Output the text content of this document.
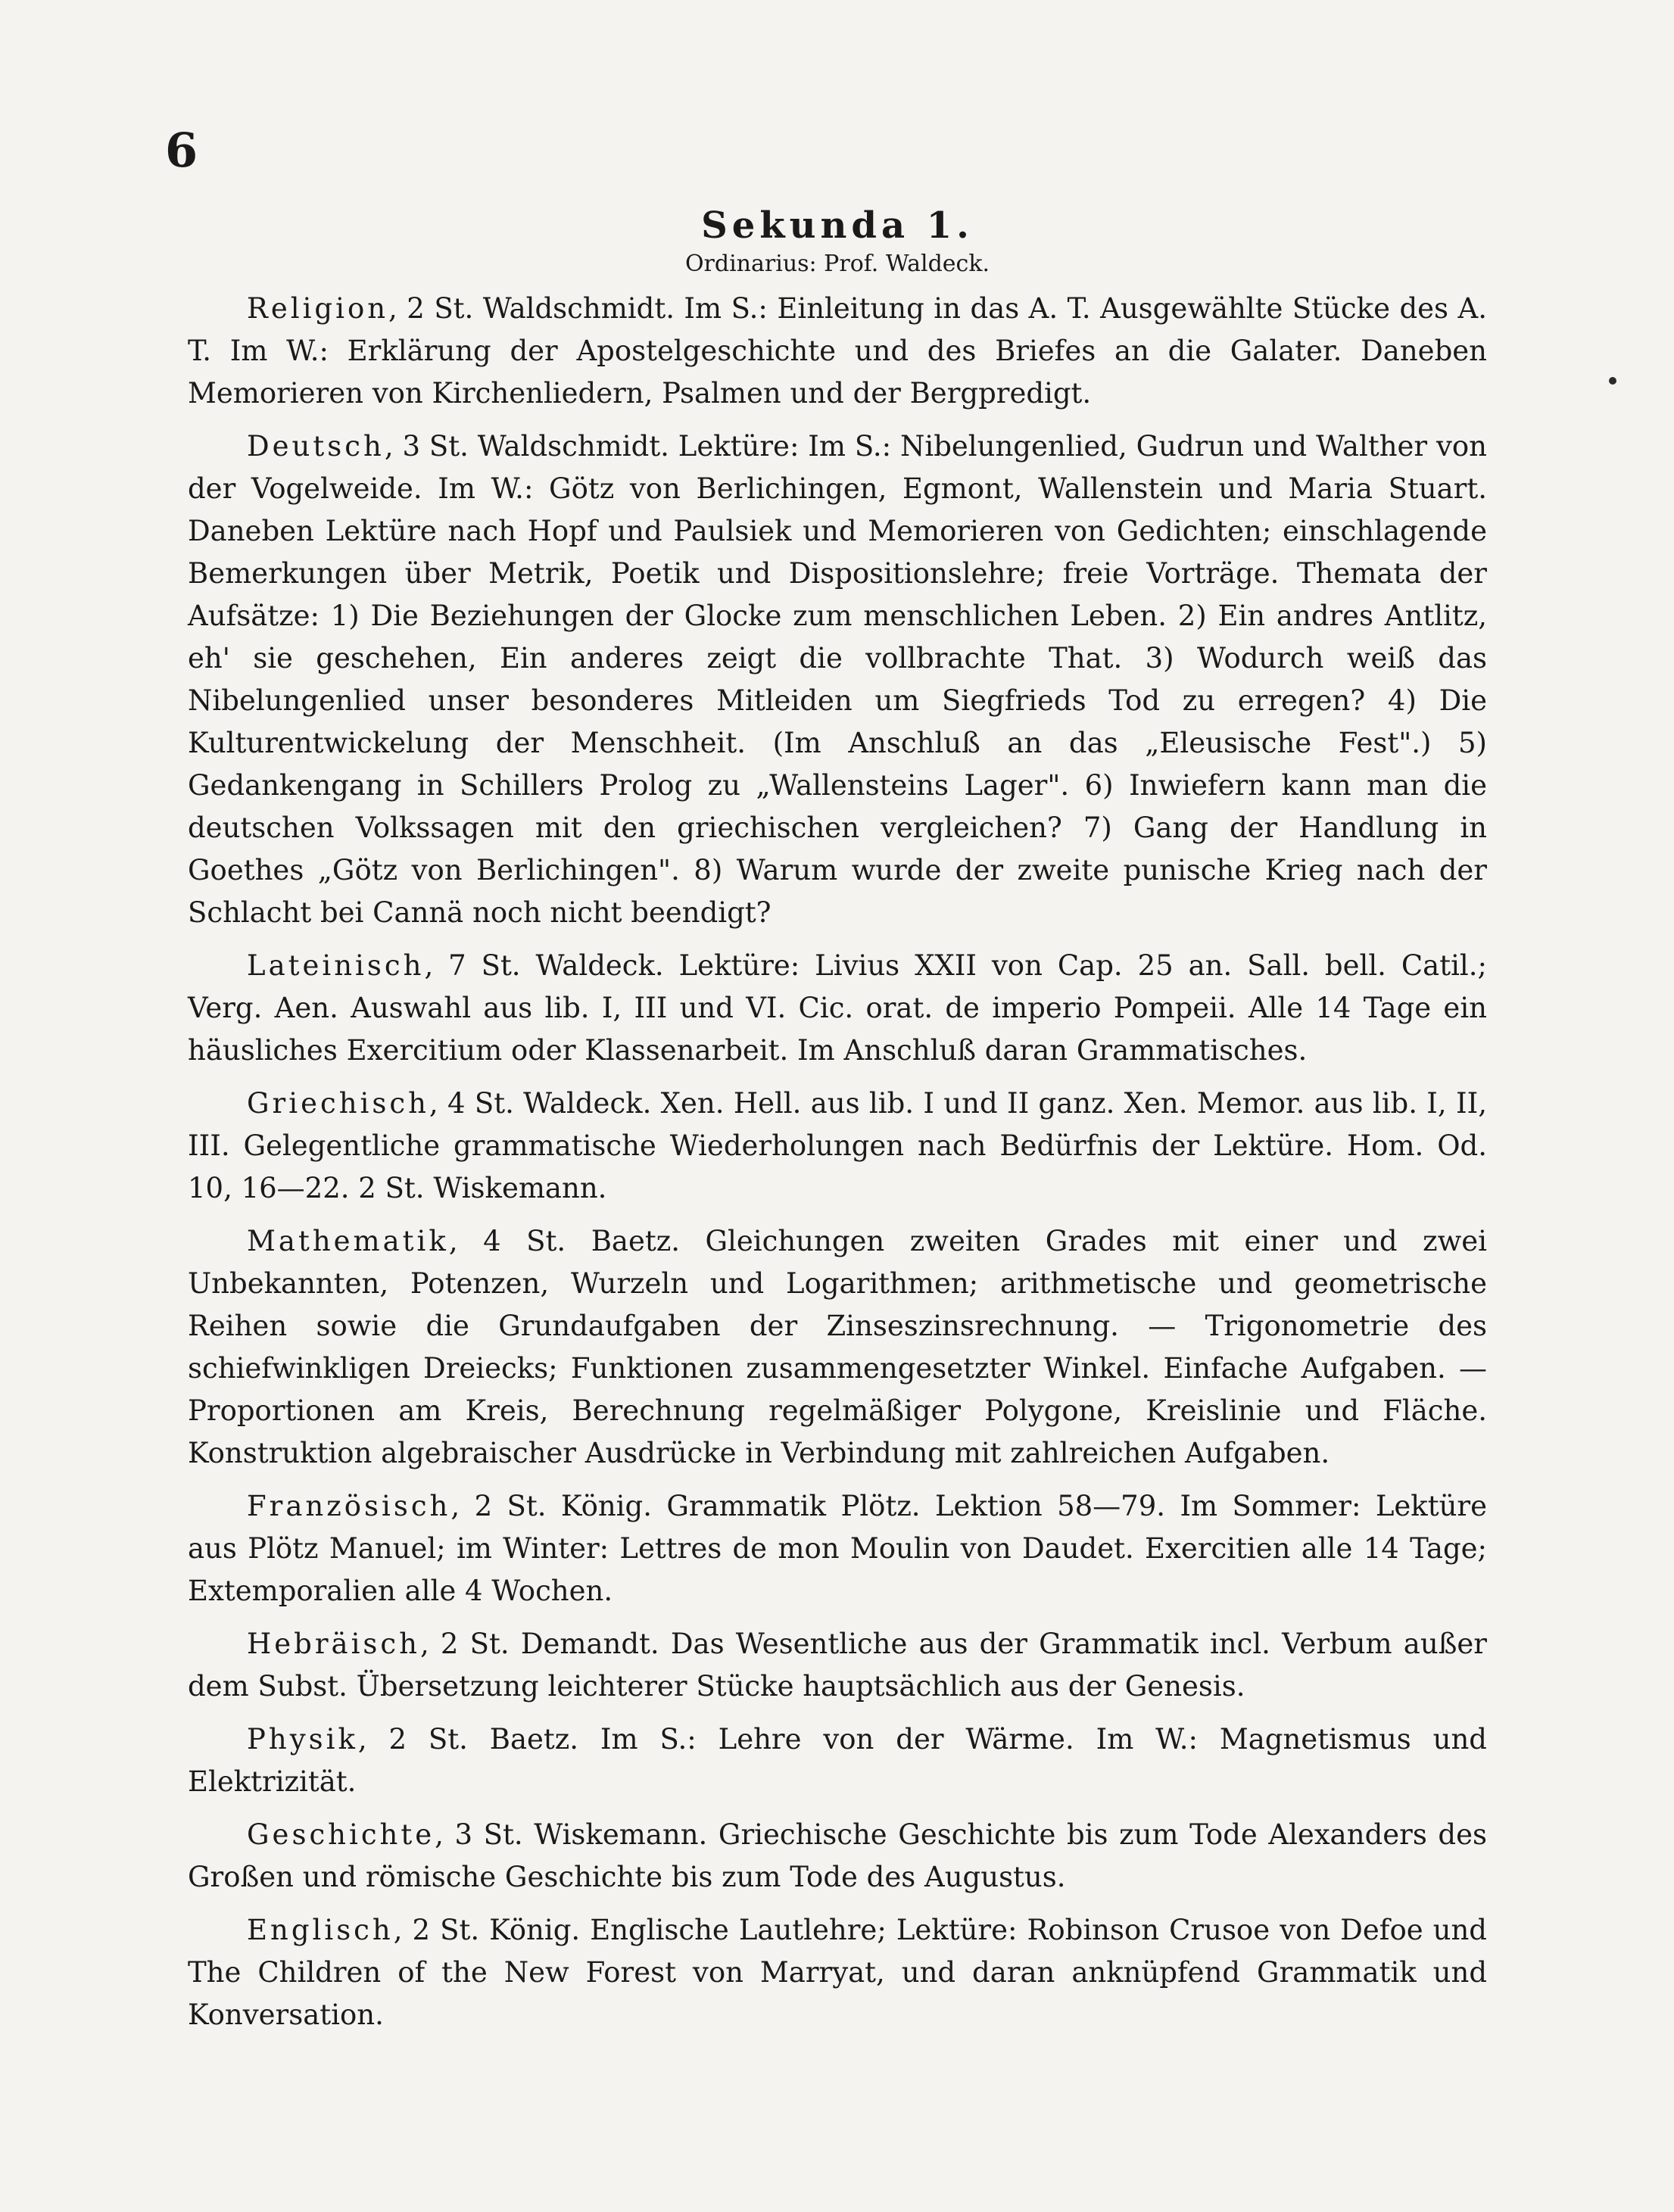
6
Sekunda 1.
Ordinarius: Prof. Waldeck.

Religion, 2 St. Waldschmidt. Im S.: Einleitung in das A. T. Ausgewählte Stücke des A. T. Im W.: Erklärung der Apostelgeschichte und des Briefes an die Galater. Daneben Memorieren von Kirchenliedern, Psalmen und der Bergpredigt.

Deutsch, 3 St. Waldschmidt. Lektüre: Im S.: Nibelungenlied, Gudrun und Walther von der Vogelweide. Im W.: Götz von Berlichingen, Egmont, Wallenstein und Maria Stuart. Daneben Lektüre nach Hopf und Paulsiek und Memorieren von Gedichten; einschlagende Bemerkungen über Metrik, Poetik und Dispositionslehre; freie Vorträge. Themata der Aufsätze: 1) Die Beziehungen der Glocke zum menschlichen Leben. 2) Ein andres Antlitz, eh' sie geschehen, Ein anderes zeigt die vollbrachte That. 3) Wodurch weiß das Nibelungenlied unser besonderes Mitleiden um Siegfrieds Tod zu erregen? 4) Die Kulturentwickelung der Menschheit. (Im Anschluß an das „Eleusische Fest".) 5) Gedankengang in Schillers Prolog zu „Wallensteins Lager". 6) Inwiefern kann man die deutschen Volkssagen mit den griechischen vergleichen? 7) Gang der Handlung in Goethes „Götz von Berlichingen". 8) Warum wurde der zweite punische Krieg nach der Schlacht bei Cannä noch nicht beendigt?

Lateinisch, 7 St. Waldeck. Lektüre: Livius XXII von Cap. 25 an. Sall. bell. Catil.; Verg. Aen. Auswahl aus lib. I, III und VI. Cic. orat. de imperio Pompeii. Alle 14 Tage ein häusliches Exercitium oder Klassenarbeit. Im Anschluß daran Grammatisches.

Griechisch, 4 St. Waldeck. Xen. Hell. aus lib. I und II ganz. Xen. Memor. aus lib. I, II, III. Gelegentliche grammatische Wiederholungen nach Bedürfnis der Lektüre. Hom. Od. 10, 16—22. 2 St. Wiskemann.

Mathematik, 4 St. Baetz. Gleichungen zweiten Grades mit einer und zwei Unbekannten, Potenzen, Wurzeln und Logarithmen; arithmetische und geometrische Reihen sowie die Grundaufgaben der Zinseszinsrechnung. — Trigonometrie des schiefwinkligen Dreiecks; Funktionen zusammengesetzter Winkel. Einfache Aufgaben. — Proportionen am Kreis, Berechnung regelmäßiger Polygone, Kreislinie und Fläche. Konstruktion algebraischer Ausdrücke in Verbindung mit zahlreichen Aufgaben.

Französisch, 2 St. König. Grammatik Plötz. Lektion 58—79. Im Sommer: Lektüre aus Plötz Manuel; im Winter: Lettres de mon Moulin von Daudet. Exercitien alle 14 Tage; Extemporalien alle 4 Wochen.

Hebräisch, 2 St. Demandt. Das Wesentliche aus der Grammatik incl. Verbum außer dem Subst. Übersetzung leichterer Stücke hauptsächlich aus der Genesis.

Physik, 2 St. Baetz. Im S.: Lehre von der Wärme. Im W.: Magnetismus und Elektrizität.

Geschichte, 3 St. Wiskemann. Griechische Geschichte bis zum Tode Alexanders des Großen und römische Geschichte bis zum Tode des Augustus.

Englisch, 2 St. König. Englische Lautlehre; Lektüre: Robinson Crusoe von Defoe und The Children of the New Forest von Marryat, und daran anknüpfend Grammatik und Konversation.
